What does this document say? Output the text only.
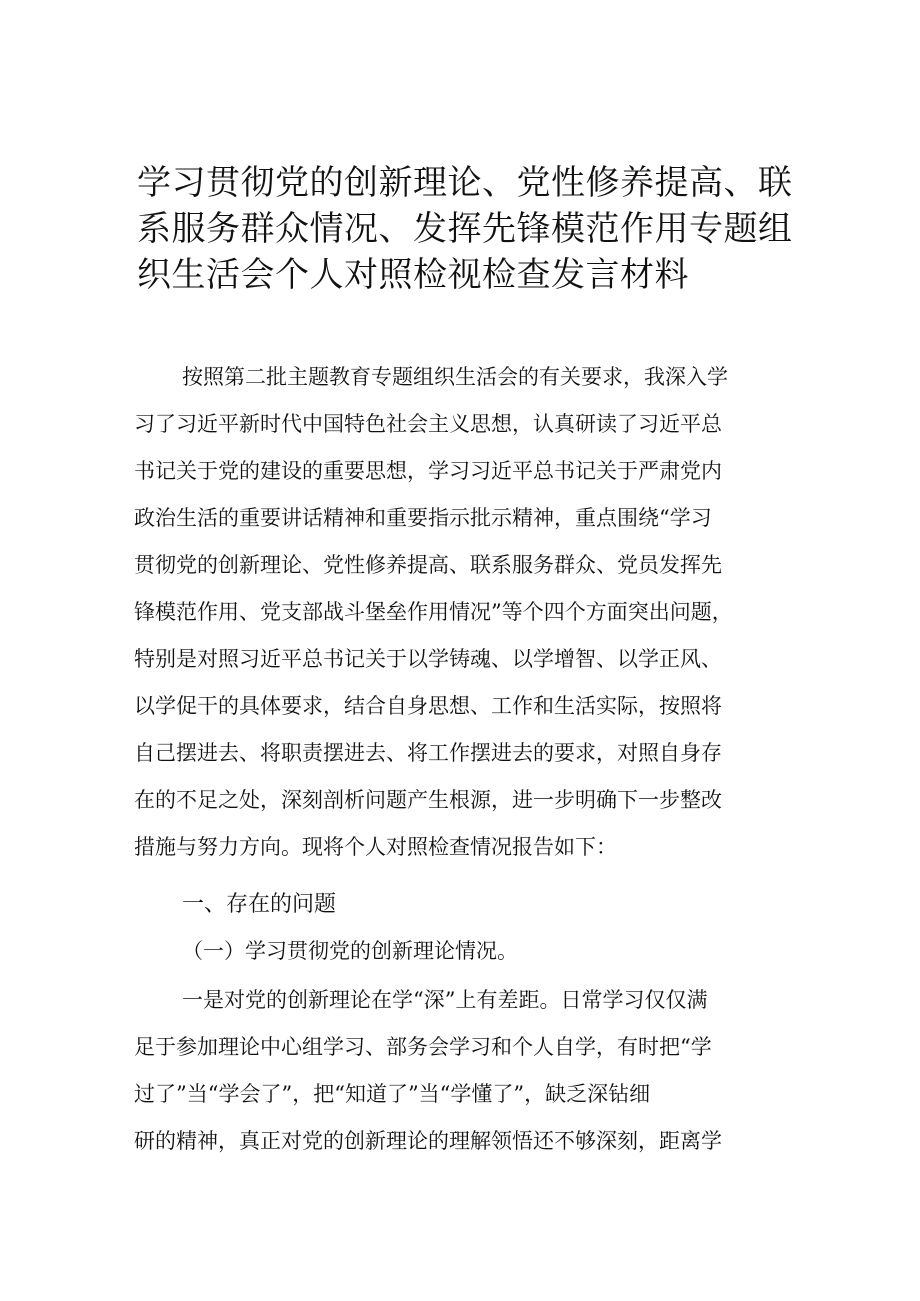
学习贯彻党的创新理论、党性修养提高、联
系服务群众情况、发挥先锋模范作用专题组
织生活会个人对照检视检查发言材料
按照第二批主题教育专题组织生活会的有关要求，我深入学
习了习近平新时代中国特色社会主义思想，认真研读了习近平总
书记关于党的建设的重要思想，学习习近平总书记关于严肃党内
政治生活的重要讲话精神和重要指示批示精神，重点围绕“学习
贯彻党的创新理论、党性修养提高、联系服务群众、党员发挥先
锋模范作用、党支部战斗堡垒作用情况”等个四个方面突出问题，
特别是对照习近平总书记关于以学铸魂、以学增智、以学正风、
以学促干的具体要求，结合自身思想、工作和生活实际，按照将
自己摆进去、将职责摆进去、将工作摆进去的要求，对照自身存
在的不足之处，深刻剖析问题产生根源，进一步明确下一步整改
措施与努力方向。现将个人对照检查情况报告如下：
一、存在的问题
（一）学习贯彻党的创新理论情况。
一是对党的创新理论在学“深”上有差距。日常学习仅仅满
足于参加理论中心组学习、部务会学习和个人自学，有时把“学
过了”当“学会了”，把“知道了”当“学懂了”，缺乏深钻细
研的精神，真正对党的创新理论的理解领悟还不够深刻，距离学
